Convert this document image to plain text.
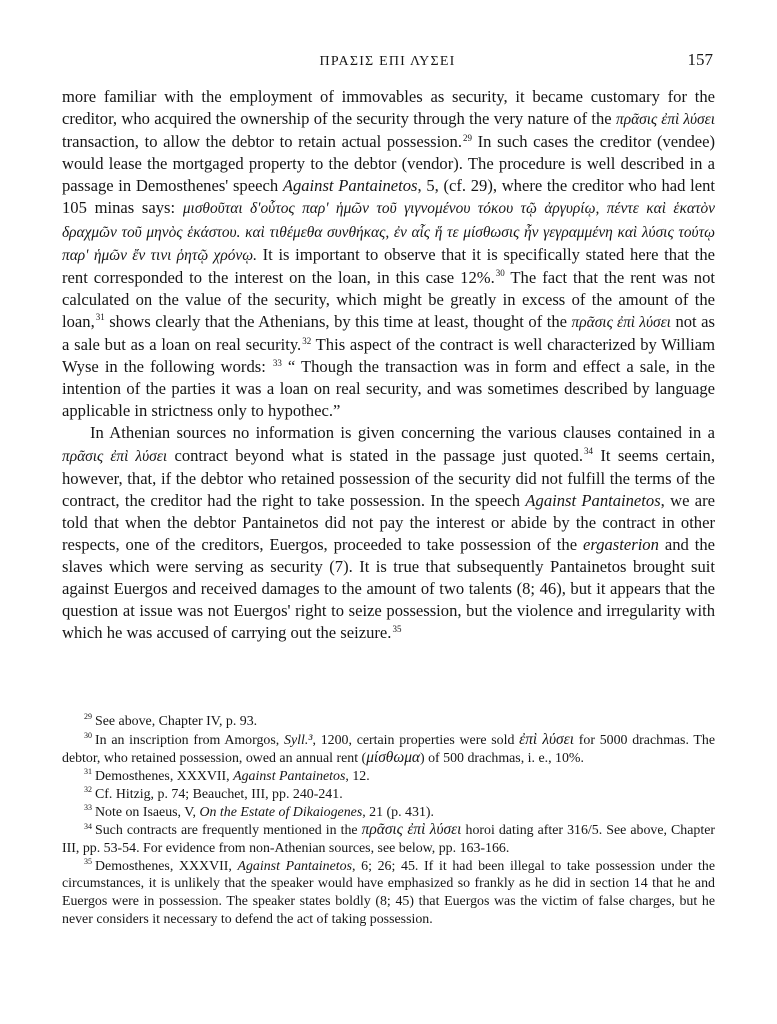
ΠΡΑΣΙΣ ΕΠΙ ΛΥΣΕΙ	157

more familiar with the employment of immovables as security, it became customary for the creditor, who acquired the ownership of the security through the very nature of the πρᾶσις ἐπὶ λύσει transaction, to allow the debtor to retain actual possession.$^{29}$ In such cases the creditor (vendee) would lease the mortgaged property to the debtor (vendor). The procedure is well described in a passage in Demosthenes' speech Against Pantainetos, 5, (cf. 29), where the creditor who had lent 105 minas says: μισθοῦται δ'οὗτος παρ' ἡμῶν τοῦ γιγνομένου τόκου τῷ ἀργυρίῳ, πέντε καὶ ἑκατὸν δραχμῶν τοῦ μηνὸς ἑκάστου. καὶ τιθέμεθα συνθήκας, ἐν αἷς ἥ τε μίσθωσις ἦν γεγραμμένη καὶ λύσις τούτῳ παρ' ἡμῶν ἔν τινι ῥητῷ χρόνῳ. It is important to observe that it is specifically stated here that the rent corresponded to the interest on the loan, in this case 12%.$^{30}$ The fact that the rent was not calculated on the value of the security, which might be greatly in excess of the amount of the loan,$^{31}$ shows clearly that the Athenians, by this time at least, thought of the πρᾶσις ἐπὶ λύσει not as a sale but as a loan on real security.$^{32}$ This aspect of the contract is well characterized by William Wyse in the following words: $^{33}$ “ Though the transaction was in form and effect a sale, in the intention of the parties it was a loan on real security, and was sometimes described by language applicable in strictness only to hypothec.”

In Athenian sources no information is given concerning the various clauses contained in a πρᾶσις ἐπὶ λύσει contract beyond what is stated in the passage just quoted.$^{34}$ It seems certain, however, that, if the debtor who retained possession of the security did not fulfill the terms of the contract, the creditor had the right to take possession. In the speech Against Pantainetos, we are told that when the debtor Pantainetos did not pay the interest or abide by the contract in other respects, one of the creditors, Euergos, proceeded to take possession of the ergasterion and the slaves which were serving as security (7). It is true that subsequently Pantainetos brought suit against Euergos and received damages to the amount of two talents (8; 46), but it appears that the question at issue was not Euergos' right to seize possession, but the violence and irregularity with which he was accused of carrying out the seizure.$^{35}$

$^{29}$ See above, Chapter IV, p. 93.

$^{30}$ In an inscription from Amorgos, Syll.³, 1200, certain properties were sold ἐπὶ λύσει for 5000 drachmas. The debtor, who retained possession, owed an annual rent (μίσθωμα) of 500 drachmas, i. e., 10%.

$^{31}$ Demosthenes, XXXVII, Against Pantainetos, 12.

$^{32}$ Cf. Hitzig, p. 74; Beauchet, III, pp. 240-241.

$^{33}$ Note on Isaeus, V, On the Estate of Dikaiogenes, 21 (p. 431).

$^{34}$ Such contracts are frequently mentioned in the πρᾶσις ἐπὶ λύσει horoi dating after 316/5. See above, Chapter III, pp. 53-54. For evidence from non-Athenian sources, see below, pp. 163-166.

$^{35}$ Demosthenes, XXXVII, Against Pantainetos, 6; 26; 45. If it had been illegal to take possession under the circumstances, it is unlikely that the speaker would have emphasized so frankly as he did in section 14 that he and Euergos were in possession. The speaker states boldly (8; 45) that Euergos was the victim of false charges, but he never considers it necessary to defend the act of taking possession.
